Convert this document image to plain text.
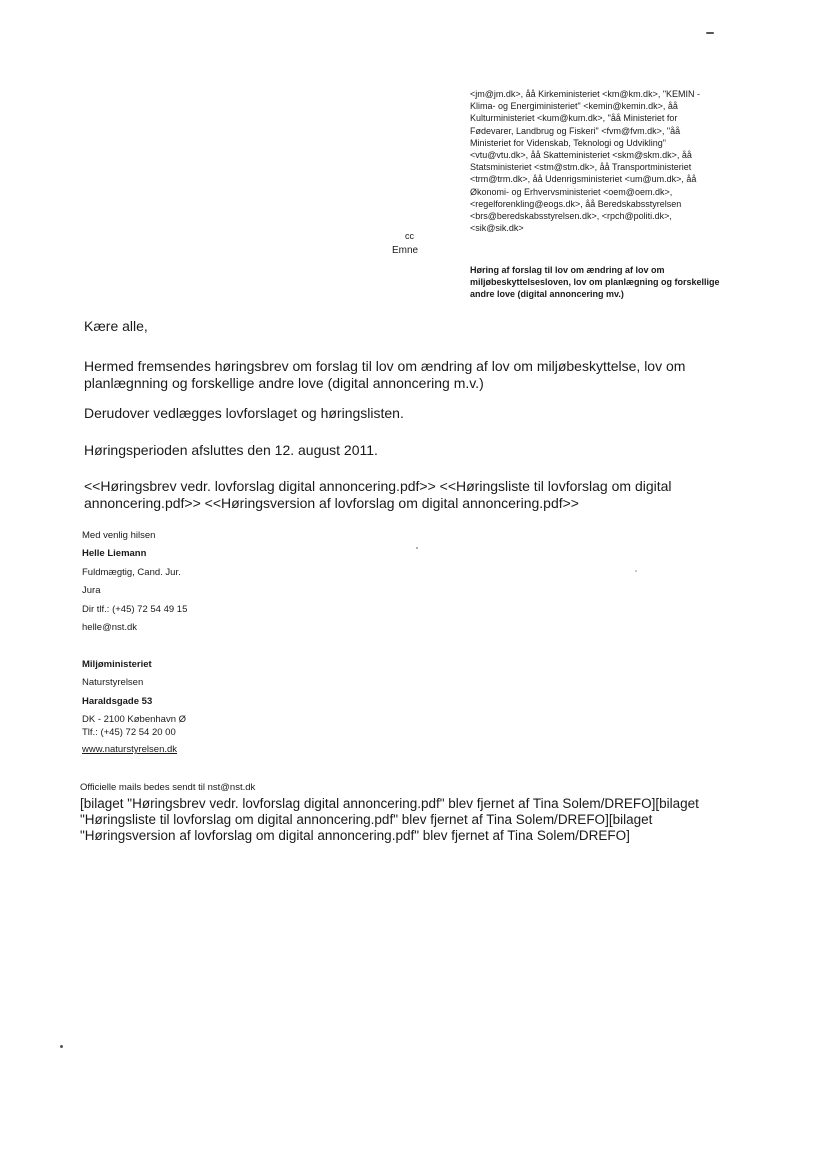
<jm@jm.dk>, åå Kirkeministeriet <km@km.dk>, "KEMIN -
Klima- og Energiministeriet" <kemin@kemin.dk>, åå
Kulturministeriet <kum@kum.dk>, "åå Ministeriet for
Fødevarer, Landbrug og Fiskeri" <fvm@fvm.dk>, "åå
Ministeriet for Videnskab, Teknologi og Udvikling"
<vtu@vtu.dk>, åå Skatteministeriet <skm@skm.dk>, åå
Statsministeriet <stm@stm.dk>, åå Transportministeriet
<trm@trm.dk>, åå Udenrigsministeriet <um@um.dk>, åå
Økonomi- og Erhvervsministeriet <oem@oem.dk>,
<regelforenkling@eogs.dk>, åå Beredskabsstyrelsen
<brs@beredskabsstyrelsen.dk>, <rpch@politi.dk>,
<sik@sik.dk>
cc
Emne
Høring af forslag til lov om ændring af lov om
miljøbeskyttelsesloven, lov om planlægning og forskellige
andre love (digital annoncering mv.)
Kære alle,
Hermed fremsendes høringsbrev om forslag til lov om ændring af lov om miljøbeskyttelse, lov om
planlægnning og forskellige andre love (digital annoncering m.v.)
Derudover vedlægges lovforslaget og høringslisten.
Høringsperioden afsluttes den 12. august 2011.
<<Høringsbrev vedr. lovforslag digital annoncering.pdf>> <<Høringsliste til lovforslag om digital
annoncering.pdf>> <<Høringsversion af lovforslag om digital annoncering.pdf>>
Med venlig hilsen
Helle Liemann
Fuldmægtig, Cand. Jur.
Jura
Dir tlf.: (+45) 72 54 49 15
helle@nst.dk
Miljøministeriet
Naturstyrelsen
Haraldsgade 53
DK - 2100 København Ø
Tlf.: (+45) 72 54 20 00
www.naturstyrelsen.dk
Officielle mails bedes sendt til nst@nst.dk
[bilaget "Høringsbrev vedr. lovforslag digital annoncering.pdf" blev fjernet af Tina Solem/DREFO][bilaget
"Høringsliste til lovforslag om digital annoncering.pdf" blev fjernet af Tina Solem/DREFO][bilaget
"Høringsversion af lovforslag om digital annoncering.pdf" blev fjernet af Tina Solem/DREFO]
